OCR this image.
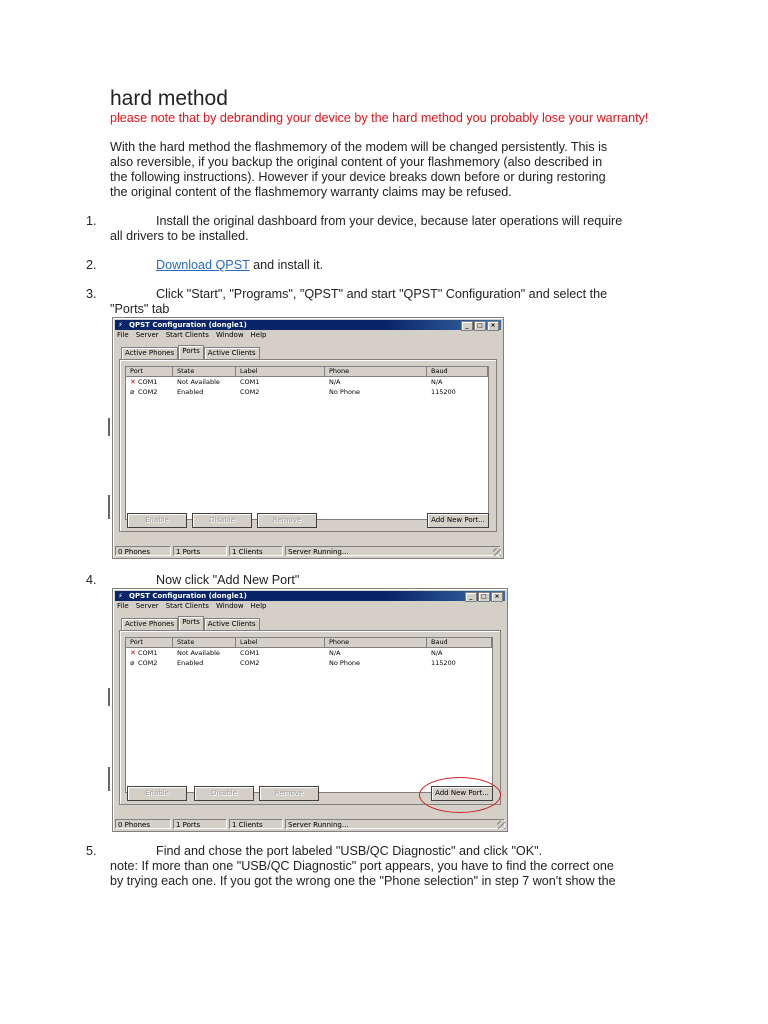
hard method
please note that by debranding your device by the hard method you probably lose your warranty!

With the hard method the flashmemory of the modem will be changed persistently. This is

also reversible, if you backup the original content of your flashmemory (also described in

the following instructions). However if your device breaks down before or during restoring

the original content of the flashmemory warranty claims may be refused.

1.	Install the original dashboard from your device, because later operations will require
all drivers to be installed.
2.	Download QPST and install it.
3.	Click "Start", "Programs", "QPST" and start "QPST" Configuration" and select the
"Ports" tab
⚡ QPST Configuration (dongle1)	_	□	×
File Server Start Clients Window Help
Active Phones	Ports	Active Clients
Port	State	Label	Phone	Baud
✕ COM1	Not Available	COM1	N/A	N/A
⌀ COM2	Enabled	COM2	No Phone	115200
Enable	Disable	Remove	Add New Port...
0 Phones	1 Ports	1 Clients	Server Running...
4.	Now click "Add New Port"
⚡ QPST Configuration (dongle1)	_	□	×
File Server Start Clients Window Help
Active Phones	Ports	Active Clients
Port	State	Label	Phone	Baud
✕ COM1	Not Available	COM1	N/A	N/A
⌀ COM2	Enabled	COM2	No Phone	115200
Enable	Disable	Remove	Add New Port...
0 Phones	1 Ports	1 Clients	Server Running...
5.	Find and chose the port labeled "USB/QC Diagnostic" and click "OK".

note: If more than one "USB/QC Diagnostic" port appears, you have to find the correct one

by trying each one. If you got the wrong one the "Phone selection" in step 7 won't show the
